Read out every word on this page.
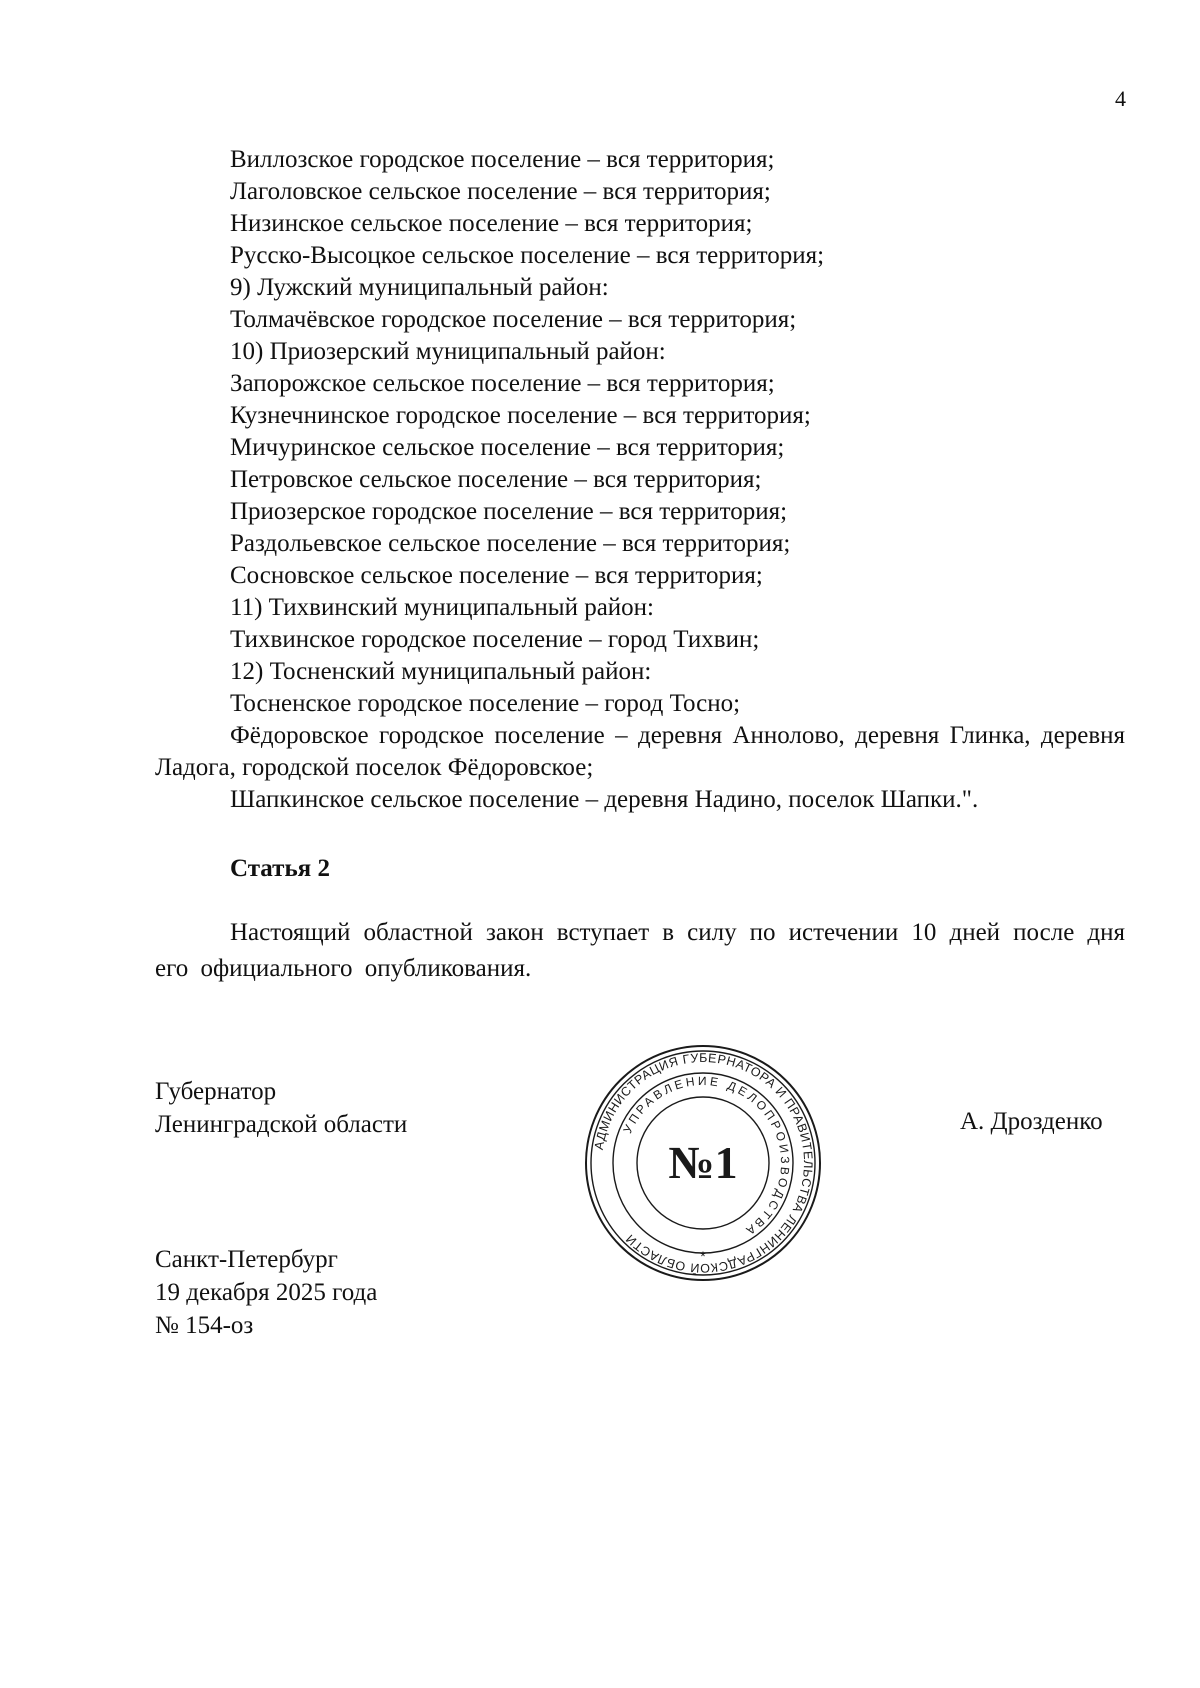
4
Виллозское городское поселение – вся территория;
Лаголовское сельское поселение – вся территория;
Низинское сельское поселение – вся территория;
Русско-Высоцкое сельское поселение – вся территория;
9) Лужский муниципальный район:
Толмачёвское городское поселение – вся территория;
10) Приозерский муниципальный район:
Запорожское сельское поселение – вся территория;
Кузнечнинское городское поселение – вся территория;
Мичуринское сельское поселение – вся территория;
Петровское сельское поселение – вся территория;
Приозерское городское поселение – вся территория;
Раздольевское сельское поселение – вся территория;
Сосновское сельское поселение – вся территория;
11) Тихвинский муниципальный район:
Тихвинское городское поселение – город Тихвин;
12) Тосненский муниципальный район:
Тосненское городское поселение – город Тосно;
Фёдоровское городское поселение – деревня Аннолово, деревня Глинка, деревня Ладога, городской поселок Фёдоровское;
Шапкинское сельское поселение – деревня Надино, поселок Шапки.".
Статья 2
Настоящий областной закон вступает в силу по истечении 10 дней после дня его официального опубликования.
Губернатор
Ленинградской области
АДМИНИСТРАЦИЯ ГУБЕРНАТОРА И ПРАВИТЕЛЬСТВА ЛЕНИНГРАДСКОЙ ОБЛАСТИ
УПРАВЛЕНИЕ ДЕЛОПРОИЗВОДСТВА
№1
*
А. Дрозденко
Санкт-Петербург
19 декабря 2025 года
№ 154-оз
